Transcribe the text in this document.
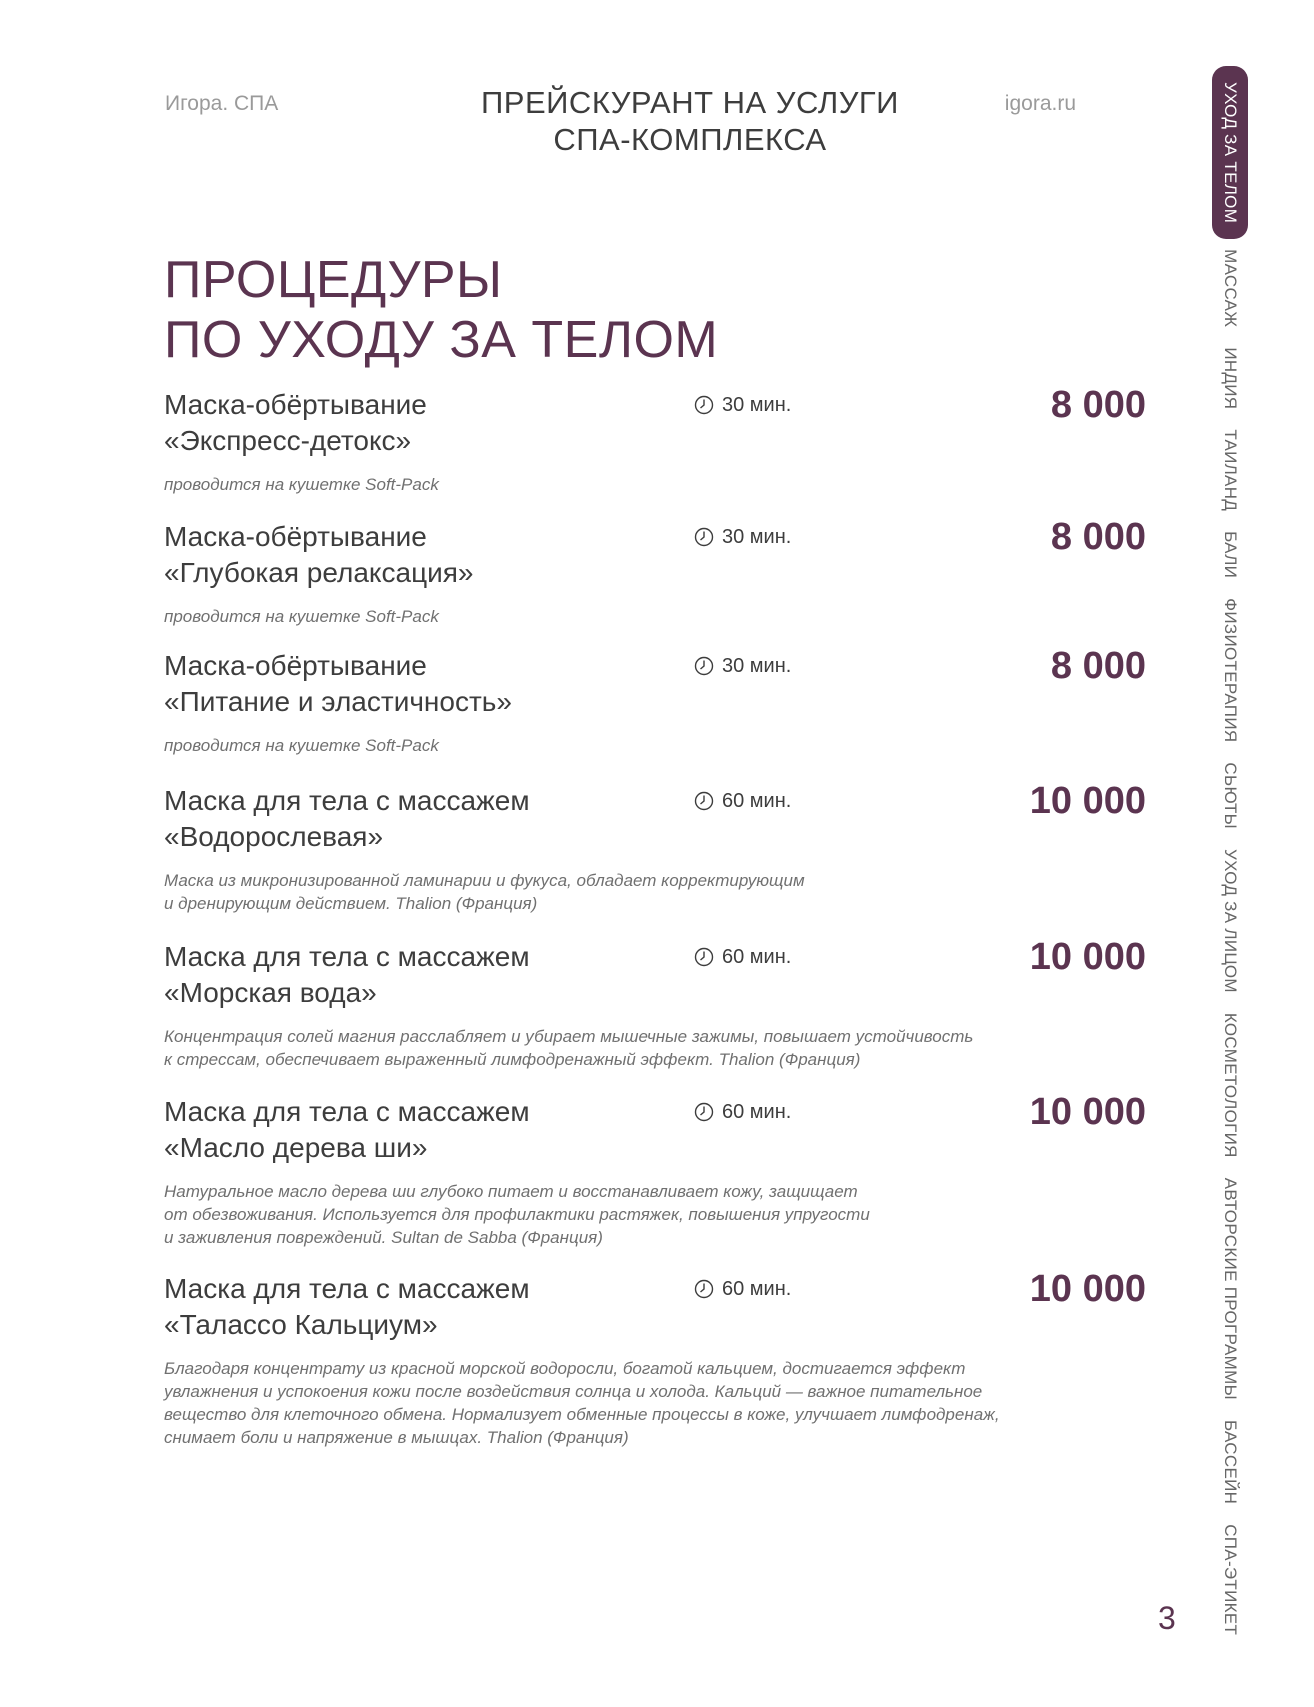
Игора. СПА	ПРЕЙСКУРАНТ НА УСЛУГИ
СПА-КОМПЛЕКСА
igora.ru
ПРОЦЕДУРЫ
ПО УХОДУ ЗА ТЕЛОМ
Маска-обёртывание
«Экспресс-детокс»
30 мин.	8 000
проводится на кушетке Soft-Pack
Маска-обёртывание
«Глубокая релаксация»
30 мин.	8 000
проводится на кушетке Soft-Pack
Маска-обёртывание
«Питание и эластичность»
30 мин.	8 000
проводится на кушетке Soft-Pack
Маска для тела с массажем
«Водорослевая»
60 мин.	10 000
Маска из микронизированной ламинарии и фукуса, обладает корректирующим
и дренирующим действием. Thalion (Франция)
Маска для тела с массажем
«Морская вода»
60 мин.	10 000
Концентрация солей магния расслабляет и убирает мышечные зажимы, повышает устойчивость
к стрессам, обеспечивает выраженный лимфодренажный эффект. Thalion (Франция)
Маска для тела с массажем
«Масло дерева ши»
60 мин.	10 000
Натуральное масло дерева ши глубоко питает и восстанавливает кожу, защищает
от обезвоживания. Используется для профилактики растяжек, повышения упругости
и заживления повреждений. Sultan de Sabba (Франция)
Маска для тела с массажем
«Талассо Кальциум»
60 мин.	10 000
Благодаря концентрату из красной морской водоросли, богатой кальцием, достигается эффект
увлажнения и успокоения кожи после воздействия солнца и холода. Кальций — важное питательное
вещество для клеточного обмена. Нормализует обменные процессы в коже, улучшает лимфодренаж,
снимает боли и напряжение в мышцах. Thalion (Франция)
УХОД ЗА ТЕЛОМ
МАССАЖ
ИНДИЯ
ТАИЛАНД
БАЛИ
ФИЗИОТЕРАПИЯ
СЬЮТЫ
УХОД ЗА ЛИЦОМ
КОСМЕТОЛОГИЯ
АВТОРСКИЕ ПРОГРАММЫ
БАССЕЙН
СПА-ЭТИКЕТ
3
